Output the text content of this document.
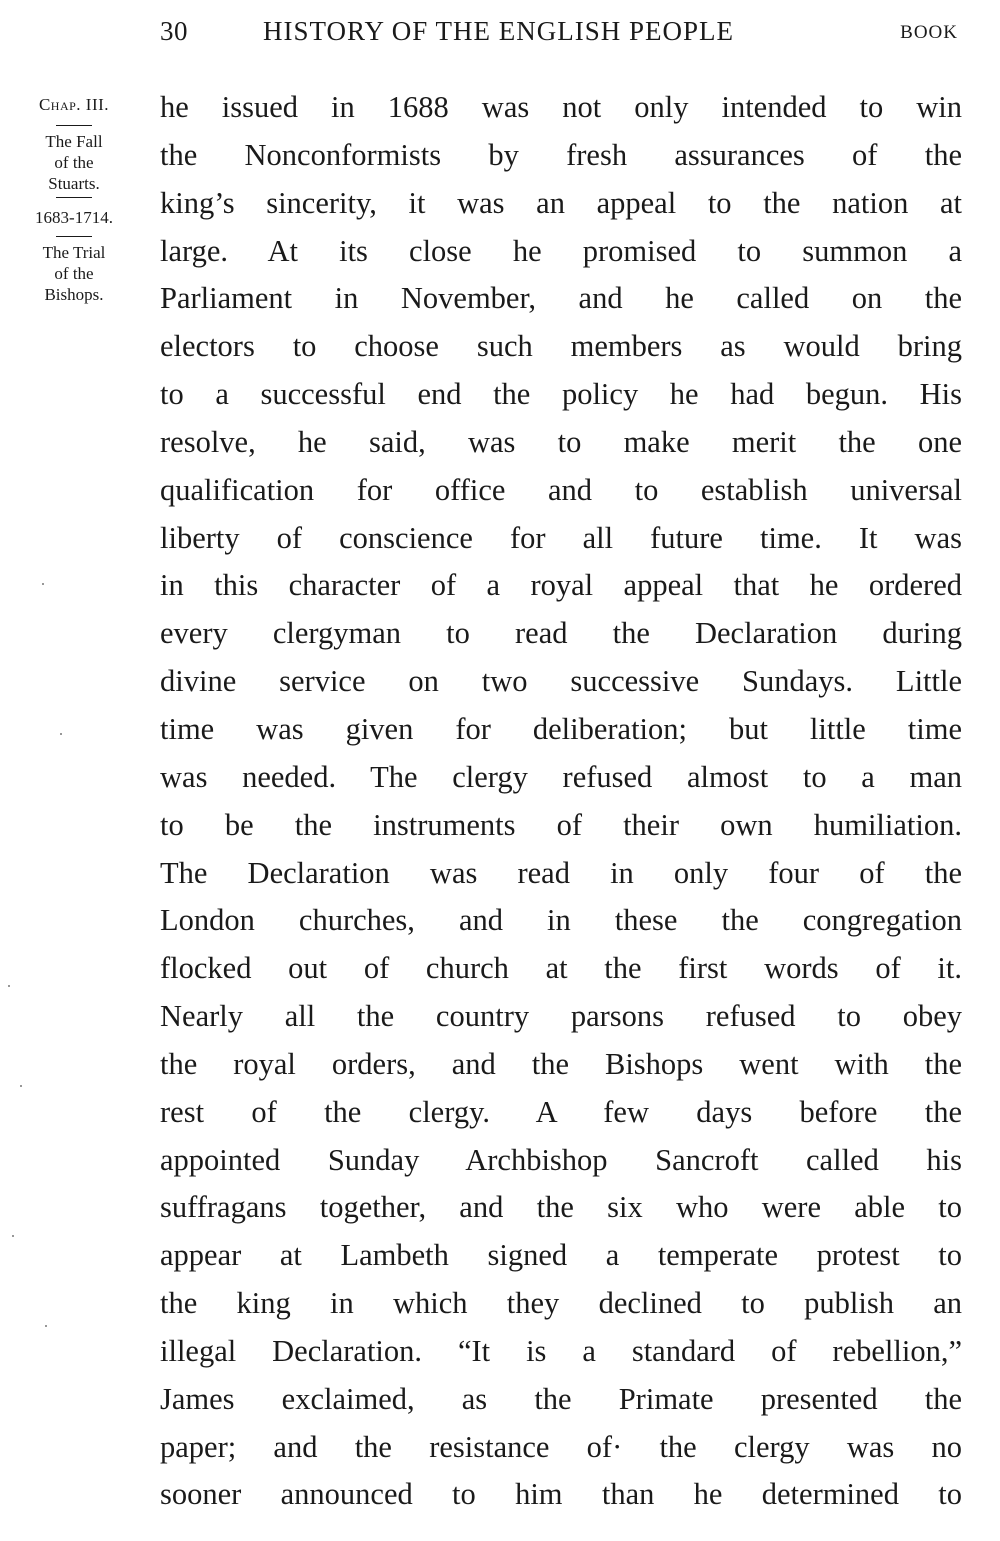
30	HISTORY OF THE ENGLISH PEOPLE	BOOK
Chap. III.
The Fall
of the
Stuarts.
1683-1714.
The Trial
of the
Bishops.
he issued in 1688 was not only intended to win
the Nonconformists by fresh assurances of the
king’s sincerity, it was an appeal to the nation at
large. At its close he promised to summon a
Parliament in November, and he called on the
electors to choose such members as would bring
to a successful end the policy he had begun. His
resolve, he said, was to make merit the one
qualification for office and to establish universal
liberty of conscience for all future time. It was
in this character of a royal appeal that he ordered
every clergyman to read the Declaration during
divine service on two successive Sundays. Little
time was given for deliberation; but little time
was needed. The clergy refused almost to a man
to be the instruments of their own humiliation.
The Declaration was read in only four of the
London churches, and in these the congregation
flocked out of church at the first words of it.
Nearly all the country parsons refused to obey
the royal orders, and the Bishops went with the
rest of the clergy. A few days before the
appointed Sunday Archbishop Sancroft called his
suffragans together, and the six who were able to
appear at Lambeth signed a temperate protest to
the king in which they declined to publish an
illegal Declaration. “It is a standard of rebellion,”
James exclaimed, as the Primate presented the
paper; and the resistance of· the clergy was no
sooner announced to him than he determined to
